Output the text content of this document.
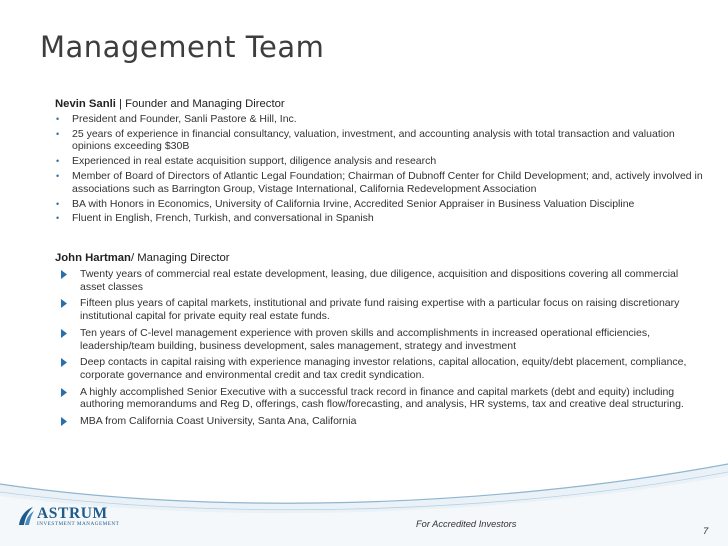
Management Team
Nevin Sanli | Founder and Managing Director
•	President and Founder, Sanli Pastore & Hill, Inc.
•	25 years of experience in financial consultancy, valuation, investment, and accounting analysis with total transaction and valuation opinions exceeding $30B
•	Experienced in real estate acquisition support, diligence analysis and research
•	Member of Board of Directors of Atlantic Legal Foundation; Chairman of Dubnoff Center for Child Development; and, actively involved in associations such as Barrington Group, Vistage International, California Redevelopment Association
•	BA with Honors in Economics, University of California Irvine, Accredited Senior Appraiser in Business Valuation Discipline
•	Fluent in English, French, Turkish, and conversational in Spanish
John Hartman/ Managing Director
Twenty years of commercial real estate development, leasing, due diligence, acquisition and dispositions covering all commercial asset classes
Fifteen plus years of capital markets, institutional and private fund raising expertise with a particular focus on raising discretionary institutional capital for private equity real estate funds.
Ten years of C-level management experience with proven skills and accomplishments in increased operational efficiencies, leadership/team building, business development, sales management, strategy and investment
Deep contacts in capital raising with experience managing investor relations, capital allocation, equity/debt placement, compliance, corporate governance and environmental credit and tax credit syndication.
A highly accomplished Senior Executive with a successful track record in finance and capital markets (debt and equity) including authoring memorandums and Reg D, offerings, cash flow/forecasting, and analysis, HR systems, tax and creative deal structuring.
MBA from California Coast University, Santa Ana, California
ASTRUM
INVESTMENT MANAGEMENT	For Accredited Investors
7
